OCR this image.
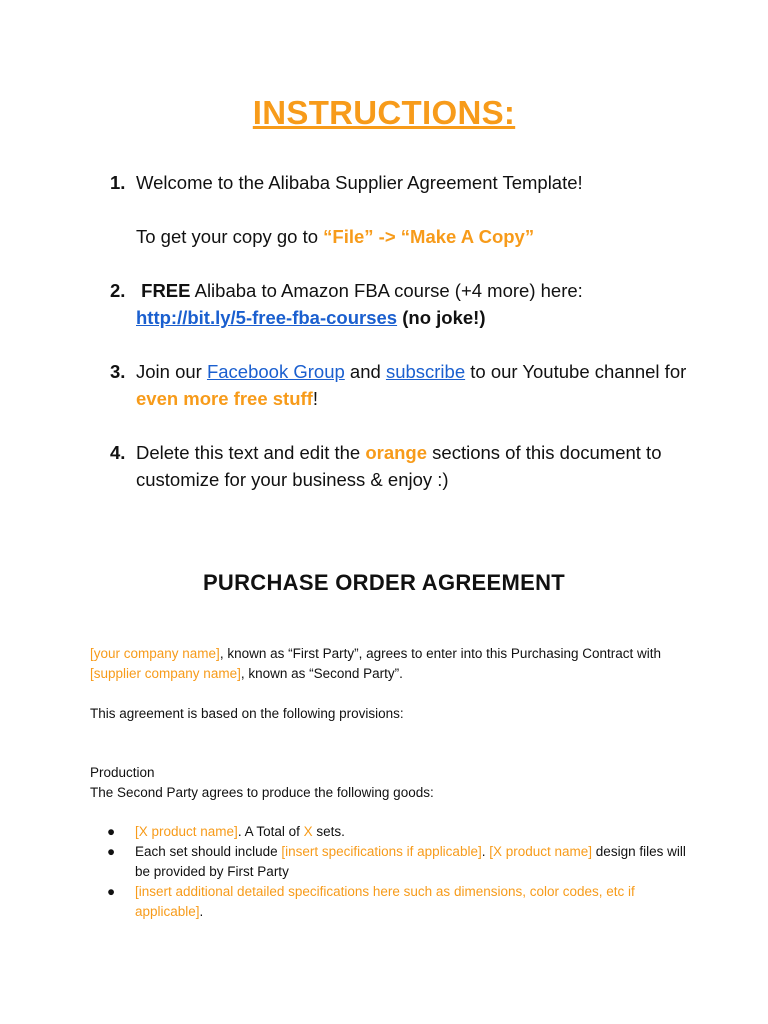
INSTRUCTIONS:
1. Welcome to the Alibaba Supplier Agreement Template!
To get your copy go to “File” -> “Make A Copy”
2. FREE Alibaba to Amazon FBA course (+4 more) here:
http://bit.ly/5-free-fba-courses (no joke!)
3. Join our Facebook Group and subscribe to our Youtube channel for even more free stuff!
4. Delete this text and edit the orange sections of this document to customize for your business & enjoy :)
PURCHASE ORDER AGREEMENT
[your company name], known as “First Party”, agrees to enter into this Purchasing Contract with [supplier company name], known as “Second Party”.
This agreement is based on the following provisions:
Production
The Second Party agrees to produce the following goods:
● [X product name]. A Total of X sets.
● Each set should include [insert specifications if applicable]. [X product name] design files will be provided by First Party
● [insert additional detailed specifications here such as dimensions, color codes, etc if applicable].
